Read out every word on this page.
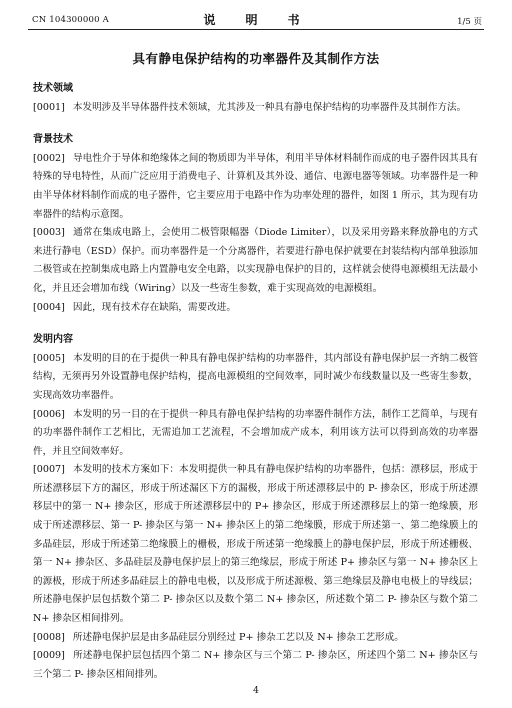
CN 104300000 A	说　明　书	1/5 页
具有静电保护结构的功率器件及其制作方法

技术领域

[0001] 本发明涉及半导体器件技术领域，尤其涉及一种具有静电保护结构的功率器件及其制作方法。

背景技术

[0002] 导电性介于导体和绝缘体之间的物质即为半导体，利用半导体材料制作而成的电子器件因其具有特殊的导电特性，从而广泛应用于消费电子、计算机及其外设、通信、电源电器等领域。功率器件是一种由半导体材料制作而成的电子器件，它主要应用于电路中作为功率处理的器件，如图 1 所示，其为现有功率器件的结构示意图。

[0003] 通常在集成电路上，会使用二极管限幅器（Diode Limiter），以及采用旁路来释放静电的方式来进行静电（ESD）保护。而功率器件是一个分离器件，若要进行静电保护就要在封装结构内部单独添加二极管或在控制集成电路上内置静电安全电路，以实现静电保护的目的，这样就会使得电源模组无法最小化，并且还会增加布线（Wiring）以及一些寄生参数，难于实现高效的电源模组。

[0004] 因此，现有技术存在缺陷，需要改进。

发明内容

[0005] 本发明的目的在于提供一种具有静电保护结构的功率器件，其内部设有静电保护层一齐纳二极管结构，无须再另外设置静电保护结构，提高电源模组的空间效率，同时减少布线数量以及一些寄生参数，实现高效功率器件。

[0006] 本发明的另一目的在于提供一种具有静电保护结构的功率器件制作方法，制作工艺简单，与现有的功率器件制作工艺相比，无需追加工艺流程，不会增加成产成本，利用该方法可以得到高效的功率器件，并且空间效率好。

[0007] 本发明的技术方案如下：本发明提供一种具有静电保护结构的功率器件，包括：漂移层，形成于所述漂移层下方的漏区，形成于所述漏区下方的漏极，形成于所述漂移层中的 P- 掺杂区，形成于所述漂移层中的第一 N+ 掺杂区，形成于所述漂移层中的 P+ 掺杂区，形成于所述漂移层上的第一绝缘膜，形成于所述漂移层、第一 P- 掺杂区与第一 N+ 掺杂区上的第二绝缘膜，形成于所述第一、第二绝缘膜上的多晶硅层，形成于所述第二绝缘膜上的栅极，形成于所述第一绝缘膜上的静电保护层，形成于所述栅极、第一 N+ 掺杂区、多晶硅层及静电保护层上的第三绝缘层，形成于所述 P+ 掺杂区与第一 N+ 掺杂区上的源极，形成于所述多晶硅层上的静电电极，以及形成于所述源极、第三绝缘层及静电电极上的导线层；所述静电保护层包括数个第二 P- 掺杂区以及数个第二 N+ 掺杂区，所述数个第二 P- 掺杂区与数个第二 N+ 掺杂区相间排列。

[0008] 所述静电保护层是由多晶硅层分别经过 P+ 掺杂工艺以及 N+ 掺杂工艺形成。

[0009] 所述静电保护层包括四个第二 N+ 掺杂区与三个第二 P- 掺杂区，所述四个第二 N+ 掺杂区与三个第二 P- 掺杂区相间排列。

4
